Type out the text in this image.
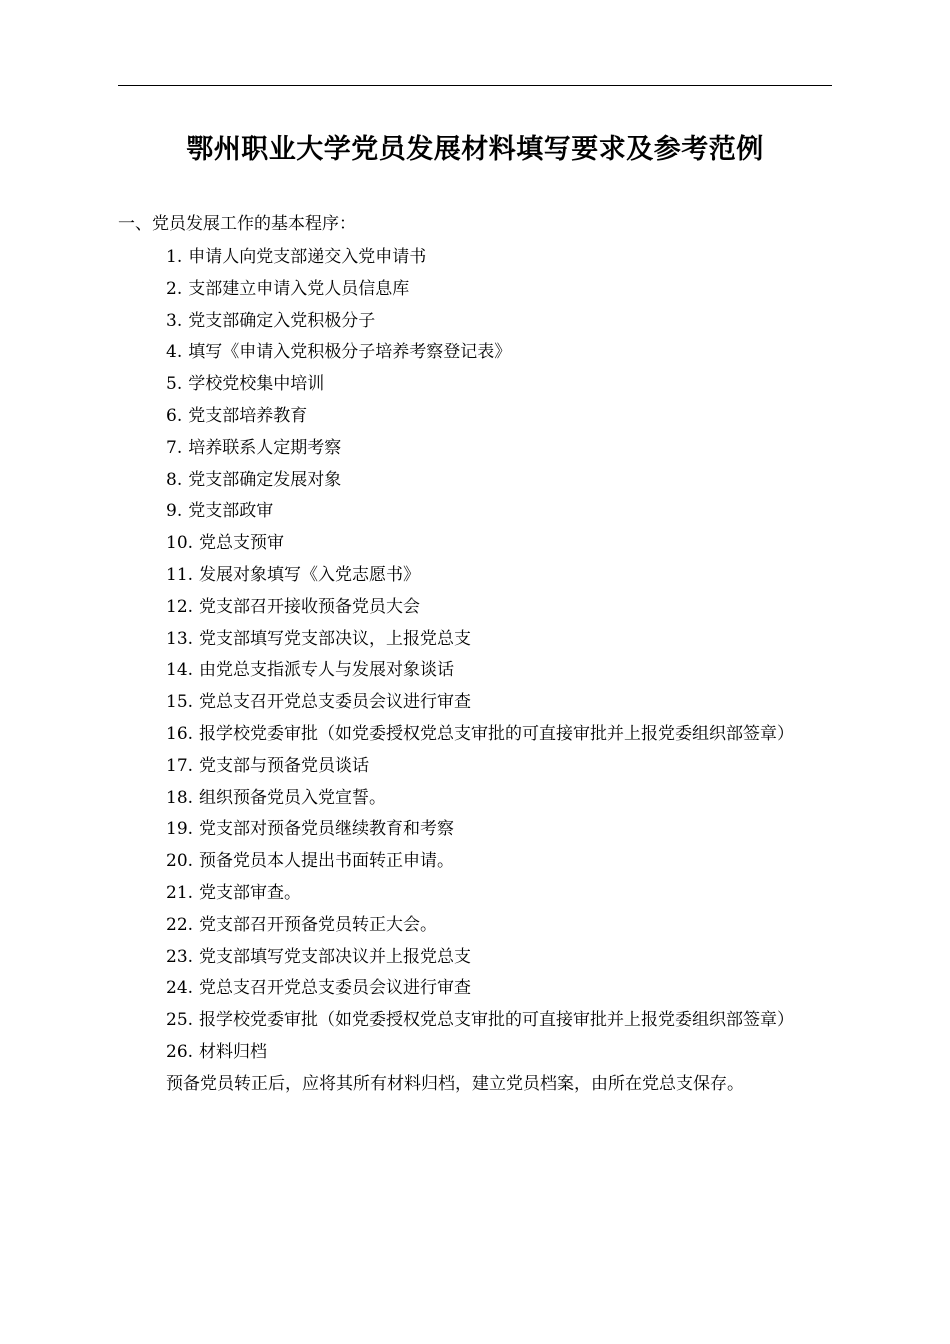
鄂州职业大学党员发展材料填写要求及参考范例
一、党员发展工作的基本程序：
1. 申请人向党支部递交入党申请书
2. 支部建立申请入党人员信息库
3. 党支部确定入党积极分子
4. 填写《申请入党积极分子培养考察登记表》
5. 学校党校集中培训
6. 党支部培养教育
7. 培养联系人定期考察
8. 党支部确定发展对象
9. 党支部政审
10. 党总支预审
11. 发展对象填写《入党志愿书》
12. 党支部召开接收预备党员大会
13. 党支部填写党支部决议，上报党总支
14. 由党总支指派专人与发展对象谈话
15. 党总支召开党总支委员会议进行审查
16. 报学校党委审批（如党委授权党总支审批的可直接审批并上报党委组织部签章）
17. 党支部与预备党员谈话
18. 组织预备党员入党宣誓。
19. 党支部对预备党员继续教育和考察
20. 预备党员本人提出书面转正申请。
21. 党支部审查。
22. 党支部召开预备党员转正大会。
23. 党支部填写党支部决议并上报党总支
24. 党总支召开党总支委员会议进行审查
25. 报学校党委审批（如党委授权党总支审批的可直接审批并上报党委组织部签章）
26. 材料归档
预备党员转正后，应将其所有材料归档，建立党员档案，由所在党总支保存。
